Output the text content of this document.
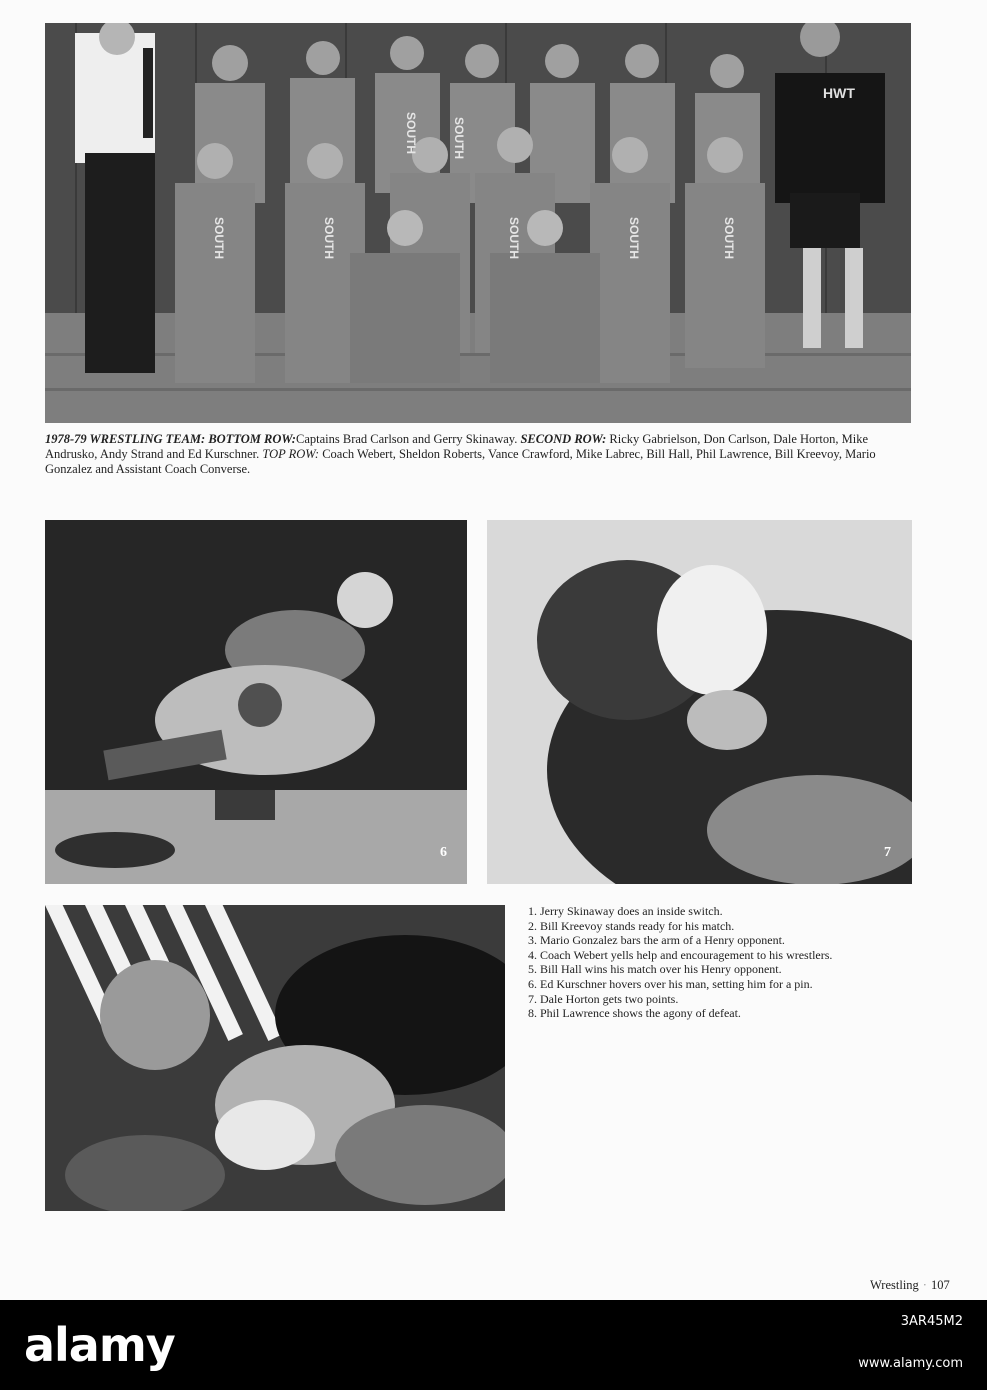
SOUTH	SOUTH
SOUTH	SOUTH
SOUTH	SOUTH	SOUTH
HWT
1978-79 WRESTLING TEAM: BOTTOM ROW:Captains Brad Carlson and Gerry Skinaway. SECOND ROW: Ricky Gabrielson, Don Carlson, Dale Horton, Mike Andrusko, Andy Strand and Ed Kurschner. TOP ROW: Coach Webert, Sheldon Roberts, Vance Crawford, Mike Labrec, Bill Hall, Phil Lawrence, Bill Kreevoy, Mario Gonzalez and Assistant Coach Converse.
6	7
1. Jerry Skinaway does an inside switch.
2. Bill Kreevoy stands ready for his match.
3. Mario Gonzalez bars the arm of a Henry opponent.
4. Coach Webert yells help and encouragement to his wrestlers.
5. Bill Hall wins his match over his Henry opponent.
6. Ed Kurschner hovers over his man, setting him for a pin.
7. Dale Horton gets two points.
8. Phil Lawrence shows the agony of defeat.
Wrestling · 107
alamy	3AR45M2
www.alamy.com
